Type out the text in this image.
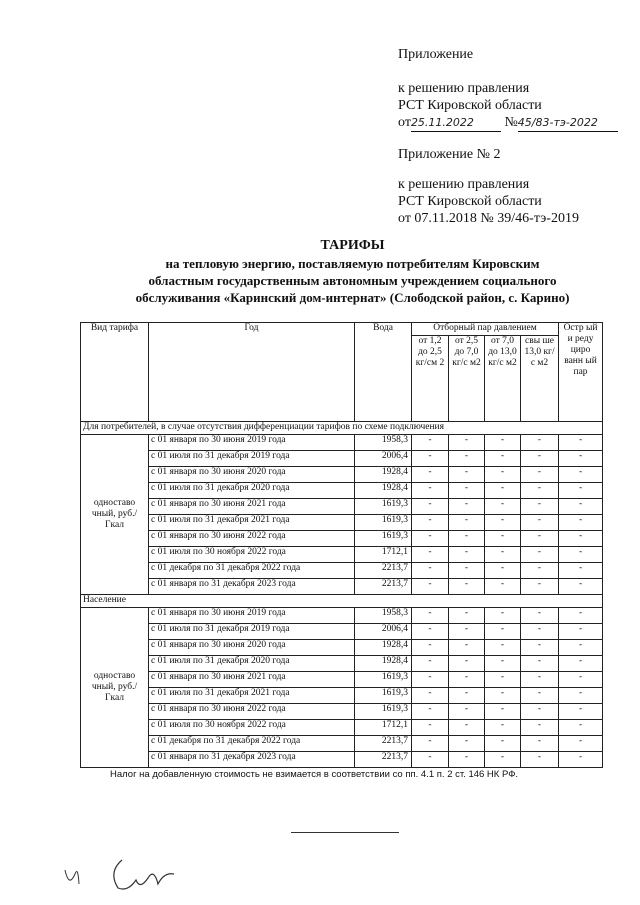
Приложение
к решению правления
РСТ Кировской области
от25.11.2022 №45/83-тэ-2022
Приложение № 2
к решению правления
РСТ Кировской области
от 07.11.2018 № 39/46-тэ-2019
ТАРИФЫ
на тепловую энергию, поставляемую потребителям Кировским
областным государственным автономным учреждением социального
обслуживания «Каринский дом-интернат» (Слободской район, с. Карино)
Вид тарифа	Год	Вода	Отборный пар давлением				Остр ый и реду циро ванн ый пар
			от 1,2 до 2,5 кг/см 2	от 2,5 до 7,0 кг/с м2	от 7,0 до 13,0 кг/с м2	свы ше 13,0 кг/с м2	
Для потребителей, в случае отсутствия дифференциации тарифов по схеме подключения							
одноставо чный, руб./Гкал	с 01 января по 30 июня 2019 года	1958,3	-	-	-	-	-
	с 01 июля по 31 декабря 2019 года	2006,4	-	-	-	-	-
	с 01 января по 30 июня 2020 года	1928,4	-	-	-	-	-
	с 01 июля по 31 декабря 2020 года	1928,4	-	-	-	-	-
	с 01 января по 30 июня 2021 года	1619,3	-	-	-	-	-
	с 01 июля по 31 декабря 2021 года	1619,3	-	-	-	-	-
	с 01 января по 30 июня 2022 года	1619,3	-	-	-	-	-
	с 01 июля по 30 ноября 2022 года	1712,1	-	-	-	-	-
	с 01 декабря по 31 декабря 2022 года	2213,7	-	-	-	-	-
	с 01 января по 31 декабря 2023 года	2213,7	-	-	-	-	-
Население							
одноставо чный, руб./Гкал	с 01 января по 30 июня 2019 года	1958,3	-	-	-	-	-
	с 01 июля по 31 декабря 2019 года	2006,4	-	-	-	-	-
	с 01 января по 30 июня 2020 года	1928,4	-	-	-	-	-
	с 01 июля по 31 декабря 2020 года	1928,4	-	-	-	-	-
	с 01 января по 30 июня 2021 года	1619,3	-	-	-	-	-
	с 01 июля по 31 декабря 2021 года	1619,3	-	-	-	-	-
	с 01 января по 30 июня 2022 года	1619,3	-	-	-	-	-
	с 01 июля по 30 ноября 2022 года	1712,1	-	-	-	-	-
	с 01 декабря по 31 декабря 2022 года	2213,7	-	-	-	-	-
	с 01 января по 31 декабря 2023 года	2213,7	-	-	-	-	-
Налог на добавленную стоимость не взимается в соответствии со пп. 4.1 п. 2 ст. 146 НК РФ.
